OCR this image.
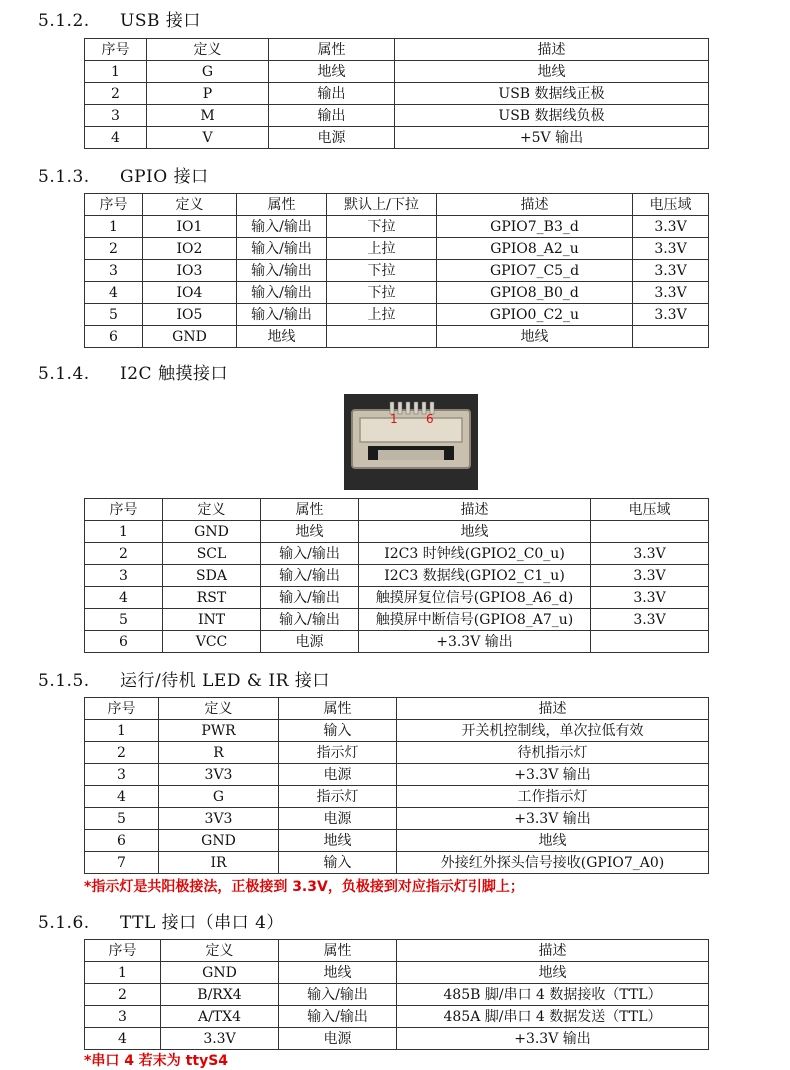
5.1.2. USB 接口
序号	定义	属性	描述
1	G	地线	地线
2	P	输出	USB 数据线正极
3	M	输出	USB 数据线负极
4	V	电源	+5V 输出
5.1.3. GPIO 接口
序号	定义	属性	默认上/下拉	描述	电压域
1	IO1	输入/输出	下拉	GPIO7_B3_d	3.3V
2	IO2	输入/输出	上拉	GPIO8_A2_u	3.3V
3	IO3	输入/输出	下拉	GPIO7_C5_d	3.3V
4	IO4	输入/输出	下拉	GPIO8_B0_d	3.3V
5	IO5	输入/输出	上拉	GPIO0_C2_u	3.3V
6	GND	地线		地线	
5.1.4. I2C 触摸接口
1 6
序号	定义	属性	描述	电压域
1	GND	地线	地线	
2	SCL	输入/输出	I2C3 时钟线(GPIO2_C0_u)	3.3V
3	SDA	输入/输出	I2C3 数据线(GPIO2_C1_u)	3.3V
4	RST	输入/输出	触摸屏复位信号(GPIO8_A6_d)	3.3V
5	INT	输入/输出	触摸屏中断信号(GPIO8_A7_u)	3.3V
6	VCC	电源	+3.3V 输出	
5.1.5. 运行/待机 LED & IR 接口
序号	定义	属性	描述
1	PWR	输入	开关机控制线，单次拉低有效
2	R	指示灯	待机指示灯
3	3V3	电源	+3.3V 输出
4	G	指示灯	工作指示灯
5	3V3	电源	+3.3V 输出
6	GND	地线	地线
7	IR	输入	外接红外探头信号接收(GPIO7_A0)
*指示灯是共阳极接法，正极接到 3.3V，负极接到对应指示灯引脚上；
5.1.6. TTL 接口（串口 4）
序号	定义	属性	描述
1	GND	地线	地线
2	B/RX4	输入/输出	485B 脚/串口 4 数据接收（TTL）
3	A/TX4	输入/输出	485A 脚/串口 4 数据发送（TTL）
4	3.3V	电源	+3.3V 输出
*串口 4 若末为 ttyS4
